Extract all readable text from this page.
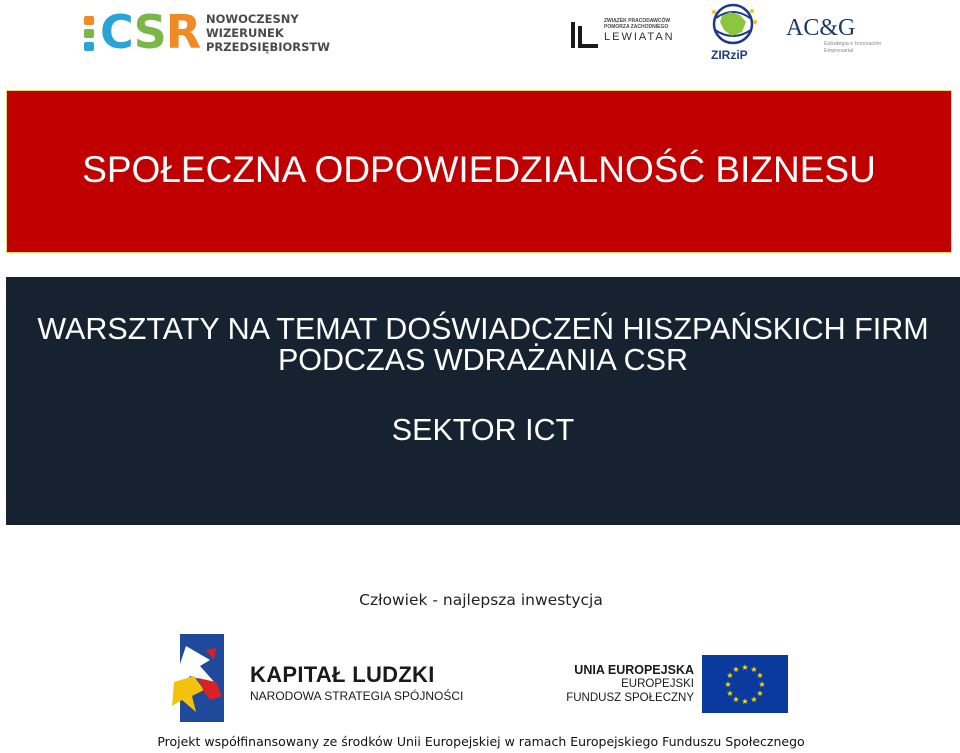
CSR NOWOCZESNY
WIZERUNEK
PRZEDSIĘBIORSTW
ZWIĄZEK PRACODAWCÓW
POMORZA ZACHODNIEGO
LEWIATAN
ZIRziP
AC&G
Estrategia e Innovación
Empresarial
SPOŁECZNA ODPOWIEDZIALNOŚĆ BIZNESU
WARSZTATY NA TEMAT DOŚWIADCZEŃ HISZPAŃSKICH FIRM
PODCZAS WDRAŻANIA CSR
SEKTOR ICT
Człowiek - najlepsza inwestycja
KAPITAŁ LUDZKI
NARODOWA STRATEGIA SPÓJNOŚCI
UNIA EUROPEJSKA
EUROPEJSKI
FUNDUSZ SPOŁECZNY
★ ★
★
★
★
★
★
★
★
★
★
★
Projekt współfinansowany ze środków Unii Europejskiej w ramach Europejskiego Funduszu Społecznego
